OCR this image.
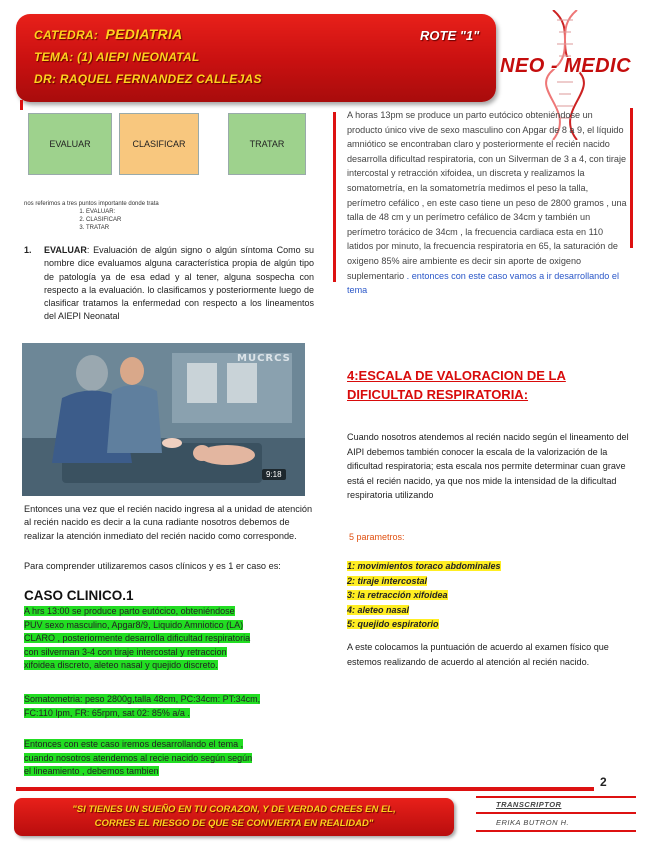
CATEDRA: PEDIATRIA
TEMA: (1) AIEPI NEONATAL
DR: RAQUEL FERNANDEZ CALLEJAS
ROTE "1"
NEO - MEDIC
EVALUAR	CLASIFICAR	TRATAR
nos referimos a tres puntos importante donde trata
1. EVALUAR:
2. CLASIFICAR
3. TRATAR
1.	EVALUAR: Evaluación de algún signo o algún síntoma Como su nombre dice evaluamos alguna característica propia de algún tipo de patología ya de esa edad y al tener, alguna sospecha con respecto a la evaluación. lo clasificamos y posteriormente luego de clasificar tratamos la enfermedad con respecto a los lineamentos del AIEPI Neonatal
MUCRCS
9:18
Entonces una vez que el recién nacido ingresa al a unidad de atención al recién nacido es decir a la cuna radiante nosotros debemos de realizar la atención inmediato del recién nacido como corresponde.
Para comprender utilizaremos casos clínicos y es 1 er caso es:
CASO CLINICO.1
A hrs 13:00 se produce parto eutócico, obteniéndose
PUV sexo masculino, Apgar8/9, Liquido Amniotico (LA)
CLARO , posteriormente desarrolla dificultad respiratoria
con silverman 3-4 con tiraje intercostal y retraccion
xifoidea discreto, aleteo nasal y quejido discreto.
Somatometria: peso 2800g,talla 48cm, PC:34cm: PT:34cm,
FC:110 lpm, FR: 65rpm, sat 02: 85% a/a .
Entonces con este caso iremos desarrollando el tema ,
cuando nosotros atendemos al recie nacido según según
el lineamiento , debemos tambien
A horas 13pm se produce un parto eutócico obteniéndose un producto único vive de sexo masculino con Apgar de 8 a 9, el líquido amniótico se encontraban claro y posteriormente el recién nacido desarrolla dificultad respiratoria, con un Silverman de 3 a 4, con tiraje intercostal y retracción xifoidea, un discreta y realizamos la somatometría, en la somatometría medimos el peso la talla, perímetro cefálico , en este caso tiene un peso de 2800 gramos , una talla de 48 cm y un perímetro cefálico de 34cm y también un perímetro torácico de 34cm , la frecuencia cardiaca esta en 110 latidos por minuto, la frecuencia respiratoria en 65, la saturación de oxigeno 85% aire ambiente es decir sin aporte de oxigeno suplementario . entonces con este caso vamos a ir desarrollando el tema
4:ESCALA DE VALORACION DE LA DIFICULTAD RESPIRATORIA:
Cuando nosotros atendemos al recién nacido según el lineamento del AIPI debemos también conocer la escala de la valorización de la dificultad respiratoria; esta escala nos permite determinar cuan grave está el recién nacido, ya que nos mide la intensidad de la dificultad respiratoria utilizando
5 parametros:
1: movimientos toraco abdominales
2: tiraje intercostal
3: la retracción xifoidea
4: aleteo nasal
5: quejido espiratorio
A este colocamos la puntuación de acuerdo al examen físico que estemos realizando de acuerdo al atención al recién nacido.
2
"SI TIENES UN SUEÑO EN TU CORAZON, Y DE VERDAD CREES EN EL,
CORRES EL RIESGO DE QUE SE CONVIERTA EN REALIDAD"
TRANSCRIPTOR
ERIKA BUTRON H.
